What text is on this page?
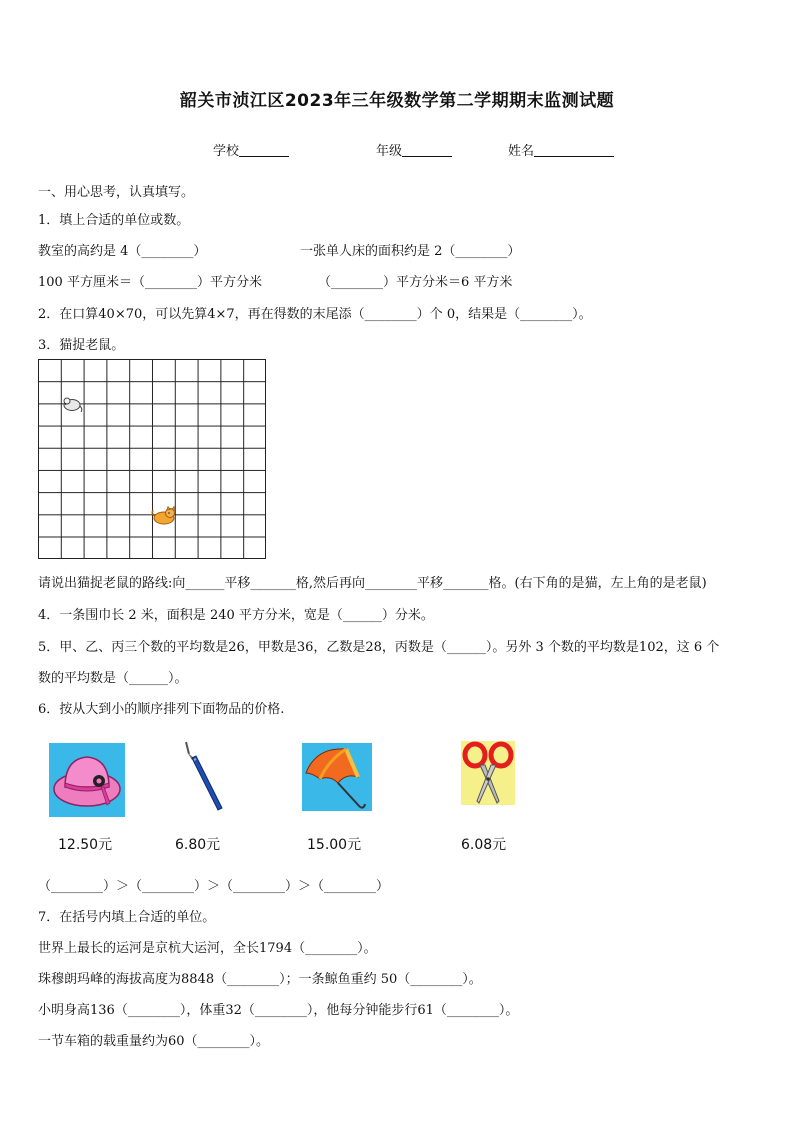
韶关市浈江区2023年三年级数学第二学期期末监测试题
学校	年级	姓名
一、用心思考，认真填写。
1．填上合适的单位或数。
教室的高约是 4（________）	一张单人床的面积约是 2（________）
100 平方厘米＝（________）平方分米	（________）平方分米＝6 平方米
2．在口算40×70，可以先算4×7，再在得数的末尾添（________）个 0，结果是（________）。
3．猫捉老鼠。
请说出猫捉老鼠的路线:向______平移_______格,然后再向________平移_______格。(右下角的是猫，左上角的是老鼠)
4．一条围巾长 2 米，面积是 240 平方分米，宽是（______）分米。
5．甲、乙、丙三个数的平均数是26，甲数是36，乙数是28，丙数是（______）。另外 3 个数的平均数是102，这 6 个
数的平均数是（______）。
6．按从大到小的顺序排列下面物品的价格.
12.50元	6.80元	15.00元	6.08元
（________）＞（________）＞（________）＞（________）
7．在括号内填上合适的单位。
世界上最长的运河是京杭大运河，全长1794（________）。
珠穆朗玛峰的海拔高度为8848（________）；一条鲸鱼重约 50（________）。
小明身高136（________），体重32（________），他每分钟能步行61（________）。
一节车箱的载重量约为60（________）。
